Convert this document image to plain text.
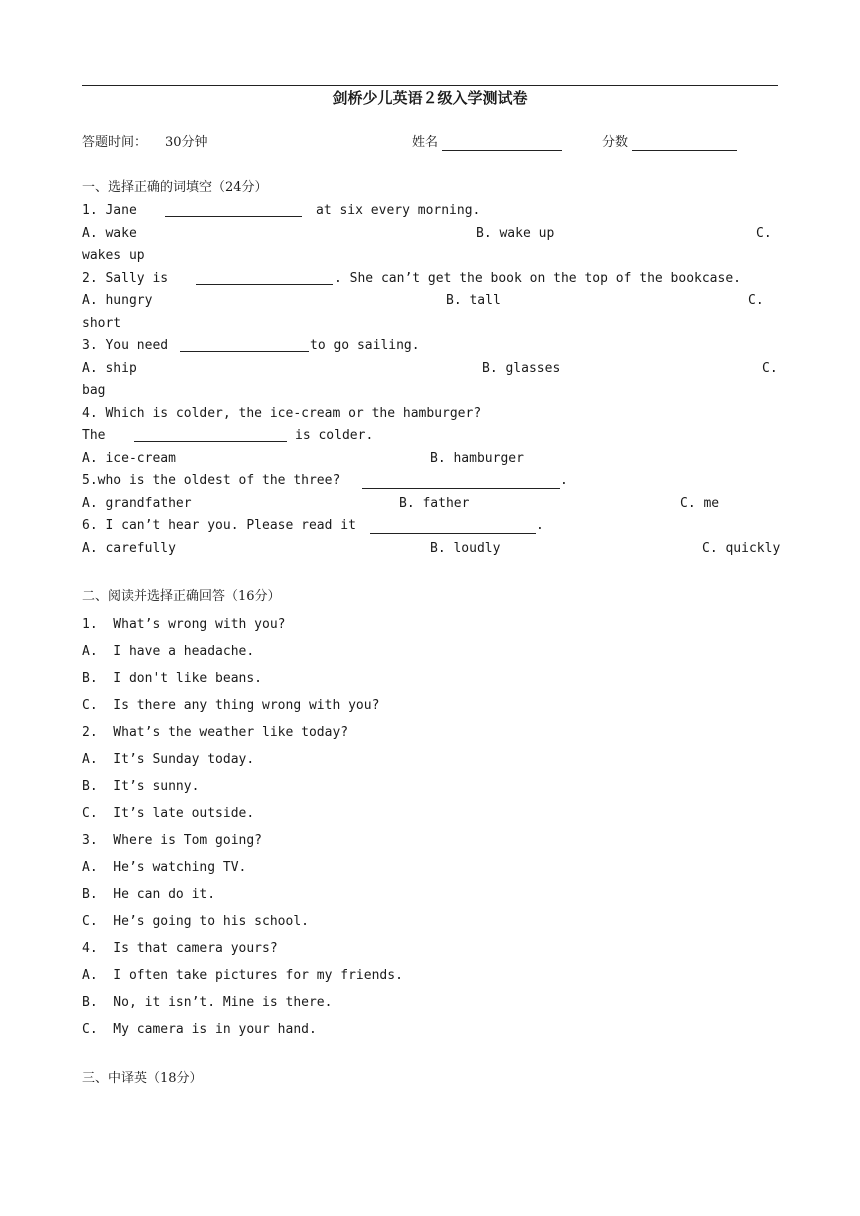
剑桥少儿英语２级入学测试卷
答题时间： 30分钟	姓名	分数
一、选择正确的词填空（24分）
1. Jane	at six every morning.
A. wake	B. wake up	C.
wakes up
2. Sally is	. She can’t get the book on the top of the bookcase.
A. hungry	B. tall	C.
short
3. You need	to go sailing.
A. ship	B. glasses	C.
bag
4. Which is colder, the ice-cream or the hamburger?
The	is colder.
A. ice-cream	B. hamburger
5.who is the oldest of the three?	.
A. grandfather	B. father	C. me
6. I can’t hear you. Please read it	.
A. carefully	B. loudly	C. quickly
二、阅读并选择正确回答（16分）
1.  What’s wrong with you?
A.  I have a headache.
B.  I don't like beans.
C.  Is there any thing wrong with you?
2.  What’s the weather like today?
A.  It’s Sunday today.
B.  It’s sunny.
C.  It’s late outside.
3.  Where is Tom going?
A.  He’s watching TV.
B.  He can do it.
C.  He’s going to his school.
4.  Is that camera yours?
A.  I often take pictures for my friends.
B.  No, it isn’t. Mine is there.
C.  My camera is in your hand.
三、中译英（18分）
